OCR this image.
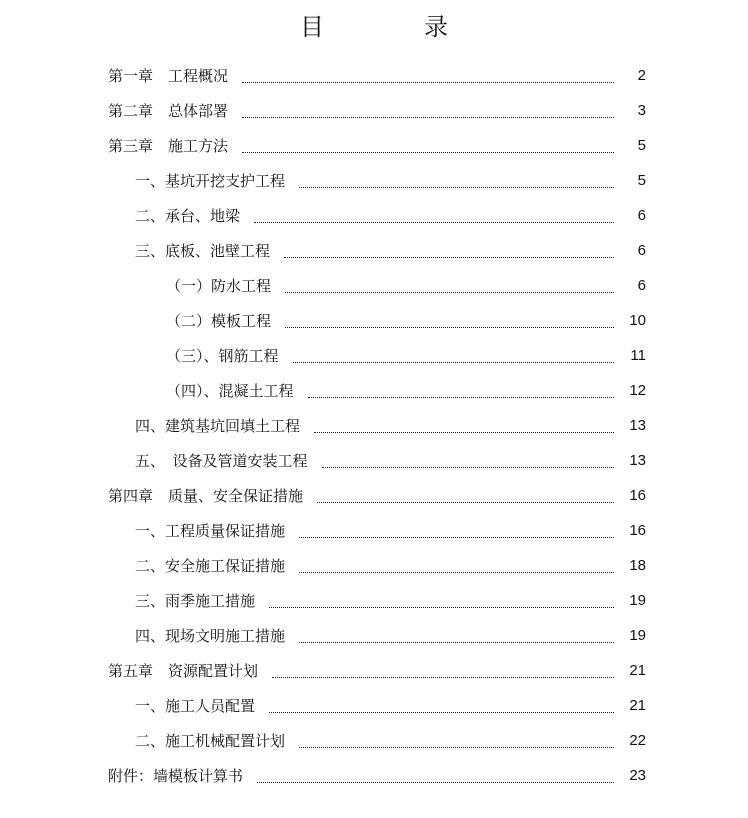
目　录
第一章　工程概况	2
第二章　总体部署	3
第三章　施工方法	5
一、基坑开挖支护工程	5
二、承台、地梁	6
三、底板、池壁工程	6
（一）防水工程	6
（二）模板工程	10
（三）、钢筋工程	11
（四）、混凝土工程	12
四、建筑基坑回填土工程	13
五、　设备及管道安装工程	13
第四章　质量、安全保证措施	16
一、工程质量保证措施	16
二、安全施工保证措施	18
三、雨季施工措施	19
四、现场文明施工措施	19
第五章　资源配置计划	21
一、施工人员配置	21
二、施工机械配置计划	22
附件：墙模板计算书	23
